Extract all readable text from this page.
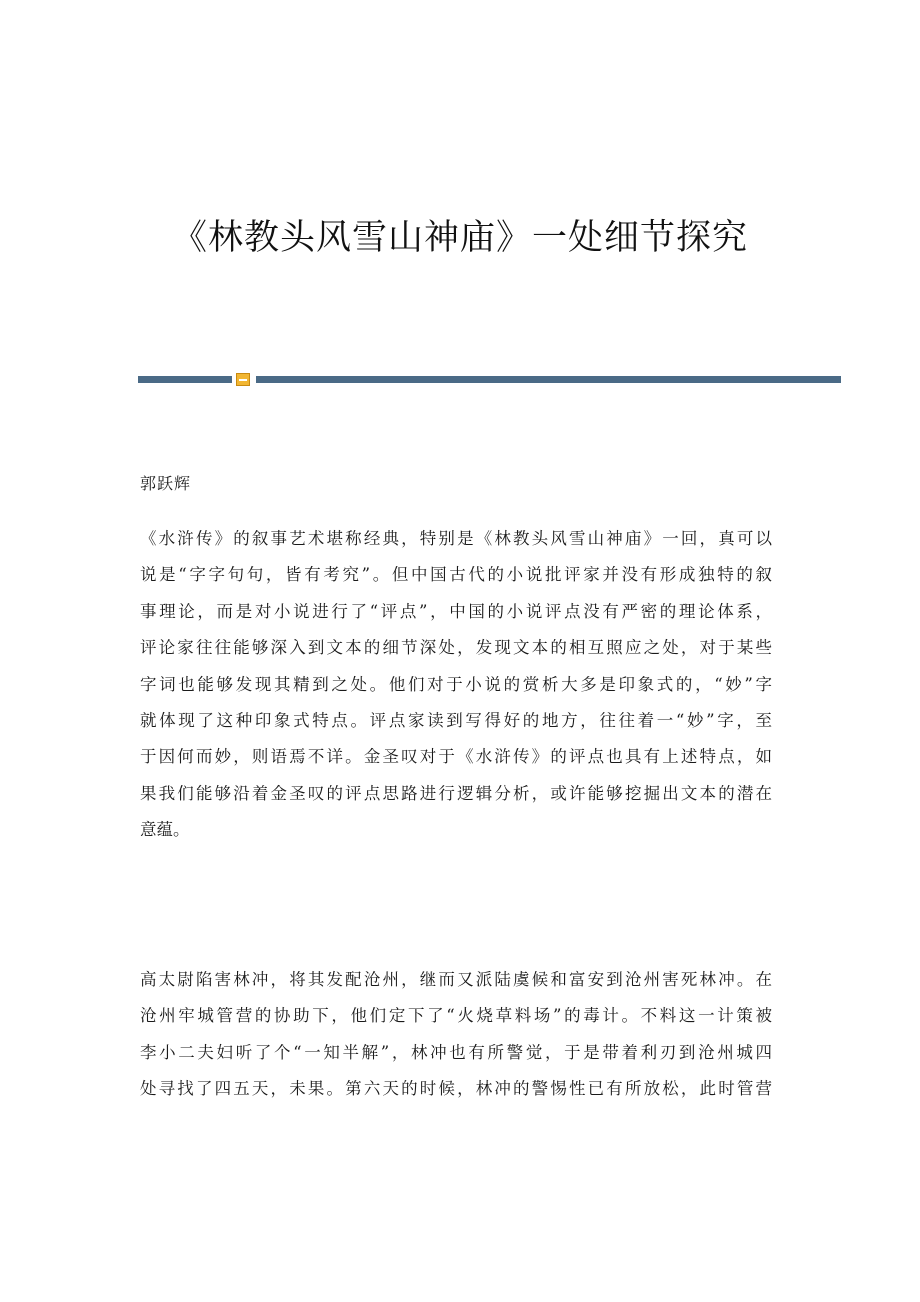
《林教头风雪山神庙》一处细节探究

郭跃辉

《水浒传》的叙事艺术堪称经典，特别是《林教头风雪山神庙》一回，真可以
说是“字字句句，皆有考究”。但中国古代的小说批评家并没有形成独特的叙
事理论，而是对小说进行了“评点”，中国的小说评点没有严密的理论体系，
评论家往往能够深入到文本的细节深处，发现文本的相互照应之处，对于某些
字词也能够发现其精到之处。他们对于小说的赏析大多是印象式的，“妙”字
就体现了这种印象式特点。评点家读到写得好的地方，往往着一“妙”字，至
于因何而妙，则语焉不详。金圣叹对于《水浒传》的评点也具有上述特点，如
果我们能够沿着金圣叹的评点思路进行逻辑分析，或许能够挖掘出文本的潜在
意蕴。
高太尉陷害林冲，将其发配沧州，继而又派陆虞候和富安到沧州害死林冲。在
沧州牢城管营的协助下，他们定下了“火烧草料场”的毒计。不料这一计策被
李小二夫妇听了个“一知半解”，林冲也有所警觉，于是带着利刃到沧州城四
处寻找了四五天，未果。第六天的时候，林冲的警惕性已有所放松，此时管营
